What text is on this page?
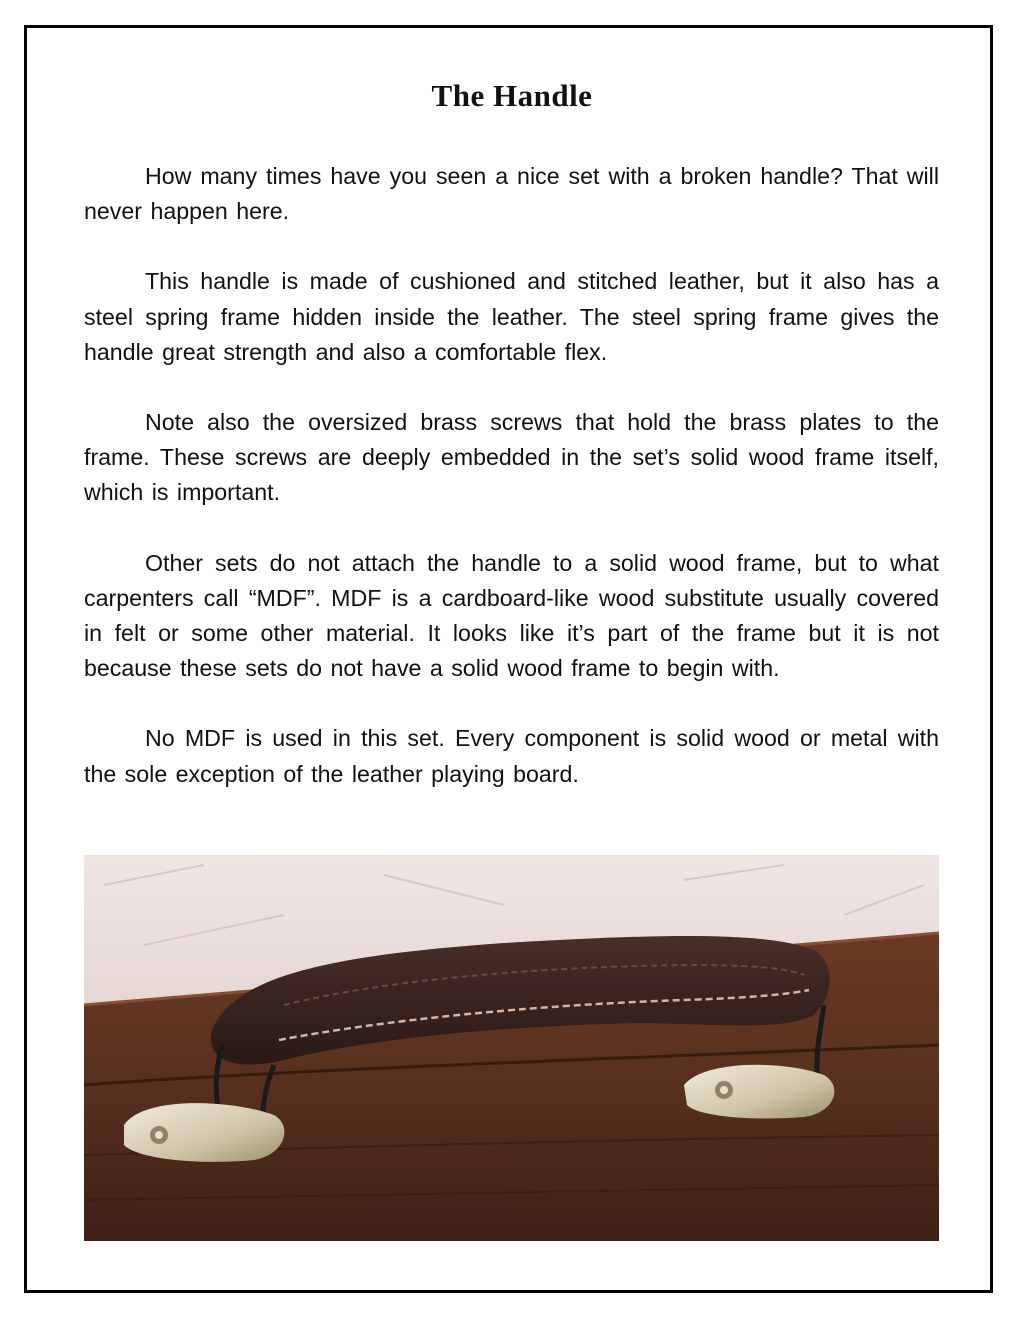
The Handle

How many times have you seen a nice set with a broken handle? That will never happen here.

This handle is made of cushioned and stitched leather, but it also has a steel spring frame hidden inside the leather. The steel spring frame gives the handle great strength and also a comfortable flex.

Note also the oversized brass screws that hold the brass plates to the frame. These screws are deeply embedded in the set’s solid wood frame itself, which is important.

Other sets do not attach the handle to a solid wood frame, but to what carpenters call “MDF”. MDF is a cardboard-like wood substitute usually covered in felt or some other material. It looks like it’s part of the frame but it is not because these sets do not have a solid wood frame to begin with.

No MDF is used in this set. Every component is solid wood or metal with the sole exception of the leather playing board.
